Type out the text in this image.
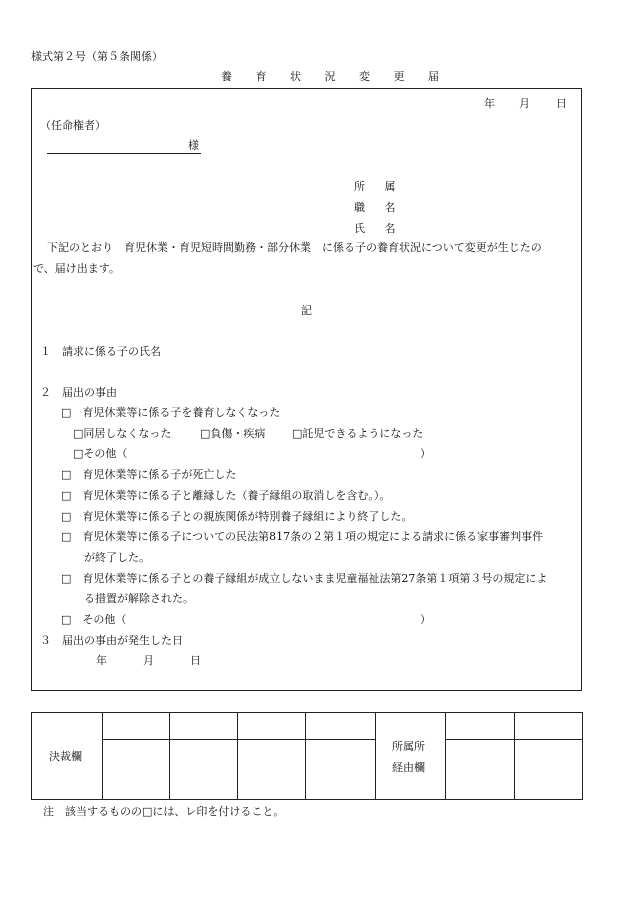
様式第２号（第５条関係）
養 育 状 況 変 更 届
年 月 日
（任命権者）
様
所 属
職 名
氏 名
下記のとおり　育児休業・育児短時間勤務・部分休業　に係る子の養育状況について変更が生じたの
で、届け出ます。
記
１　請求に係る子の氏名
２　届出の事由
□　育児休業等に係る子を養育しなくなった
□同居しなくなった	□負傷・疾病 □託児できるようになった
□その他（	）
□　育児休業等に係る子が死亡した
□　育児休業等に係る子と離縁した（養子縁組の取消しを含む。）。
□　育児休業等に係る子との親族関係が特別養子縁組により終了した。
□　育児休業等に係る子についての民法第817条の２第１項の規定による請求に係る家事審判事件
が終了した。
□　育児休業等に係る子との養子縁組が成立しないまま児童福祉法第27条第１項第３号の規定によ
る措置が解除された。
□　その他（	）
３　届出の事由が発生した日
年	月	日
決裁欄
所属所
経由欄
注　該当するものの□には、レ印を付けること。
